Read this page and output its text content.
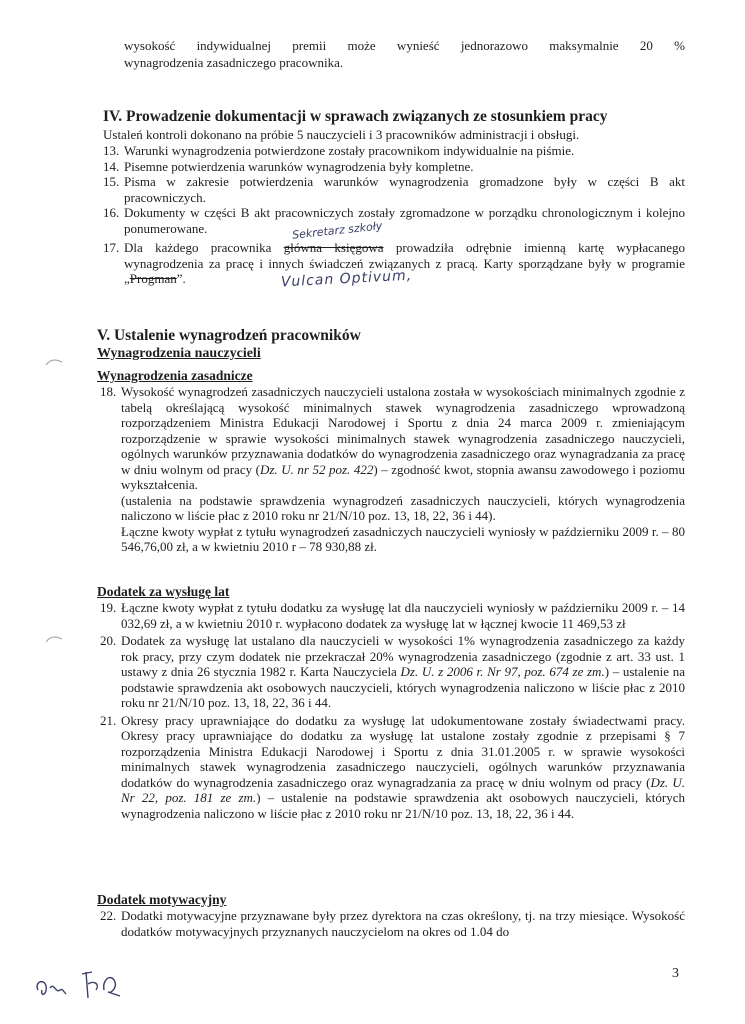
wysokość indywidualnej premii może wynieść jednorazowo maksymalnie 20 %
wynagrodzenia zasadniczego pracownika.
IV. Prowadzenie dokumentacji w sprawach związanych ze stosunkiem pracy
Ustaleń kontroli dokonano na próbie 5 nauczycieli i 3 pracowników administracji i obsługi.
13. Warunki wynagrodzenia potwierdzone zostały pracownikom indywidualnie na piśmie.
14. Pisemne potwierdzenia warunków wynagrodzenia były kompletne.
15. Pisma w zakresie potwierdzenia warunków wynagrodzenia gromadzone były w części B akt pracowniczych.
16. Dokumenty w części B akt pracowniczych zostały zgromadzone w porządku chronologicznym i kolejno ponumerowane.
17. Dla każdego pracownika główna księgowa prowadziła odrębnie imienną kartę wypłacanego wynagrodzenia za pracę i innych świadczeń związanych z pracą. Karty sporządzane były w programie „Progman”.
Sekretarz szkoły
Vulcan Optivum,
V. Ustalenie wynagrodzeń pracowników
Wynagrodzenia nauczycieli
Wynagrodzenia zasadnicze
18. Wysokość wynagrodzeń zasadniczych nauczycieli ustalona została w wysokościach minimalnych zgodnie z tabelą określającą wysokość minimalnych stawek wynagrodzenia zasadniczego wprowadzoną rozporządzeniem Ministra Edukacji Narodowej i Sportu z dnia 24 marca 2009 r. zmieniającym rozporządzenie w sprawie wysokości minimalnych stawek wynagrodzenia zasadniczego nauczycieli, ogólnych warunków przyznawania dodatków do wynagrodzenia zasadniczego oraz wynagradzania za pracę w dniu wolnym od pracy (Dz. U. nr 52 poz. 422) – zgodność kwot, stopnia awansu zawodowego i poziomu wykształcenia.
(ustalenia na podstawie sprawdzenia wynagrodzeń zasadniczych nauczycieli, których wynagrodzenia naliczono w liście płac z 2010 roku nr 21/N/10 poz. 13, 18, 22, 36 i 44).
Łączne kwoty wypłat z tytułu wynagrodzeń zasadniczych nauczycieli wyniosły w październiku 2009 r. – 80 546,76,00 zł, a w kwietniu 2010 r – 78 930,88 zł.
Dodatek za wysługę lat
19. Łączne kwoty wypłat z tytułu dodatku za wysługę lat dla nauczycieli wyniosły w październiku 2009 r. – 14 032,69 zł, a w kwietniu 2010 r. wypłacono dodatek za wysługę lat w łącznej kwocie 11 469,53 zł
20. Dodatek za wysługę lat ustalano dla nauczycieli w wysokości 1% wynagrodzenia zasadniczego za każdy rok pracy, przy czym dodatek nie przekraczał 20% wynagrodzenia zasadniczego (zgodnie z art. 33 ust. 1 ustawy z dnia 26 stycznia 1982 r. Karta Nauczyciela Dz. U. z 2006 r. Nr 97, poz. 674 ze zm.) – ustalenie na podstawie sprawdzenia akt osobowych nauczycieli, których wynagrodzenia naliczono w liście płac z 2010 roku nr 21/N/10 poz. 13, 18, 22, 36 i 44.
21. Okresy pracy uprawniające do dodatku za wysługę lat udokumentowane zostały świadectwami pracy. Okresy pracy uprawniające do dodatku za wysługę lat ustalone zostały zgodnie z przepisami § 7 rozporządzenia Ministra Edukacji Narodowej i Sportu z dnia 31.01.2005 r. w sprawie wysokości minimalnych stawek wynagrodzenia zasadniczego nauczycieli, ogólnych warunków przyznawania dodatków do wynagrodzenia zasadniczego oraz wynagradzania za pracę w dniu wolnym od pracy (Dz. U. Nr 22, poz. 181 ze zm.) – ustalenie na podstawie sprawdzenia akt osobowych nauczycieli, których wynagrodzenia naliczono w liście płac z 2010 roku nr 21/N/10 poz. 13, 18, 22, 36 i 44.
Dodatek motywacyjny
22. Dodatki motywacyjne przyznawane były przez dyrektora na czas określony, tj. na trzy miesiące. Wysokość dodatków motywacyjnych przyznanych nauczycielom na okres od 1.04 do
3
